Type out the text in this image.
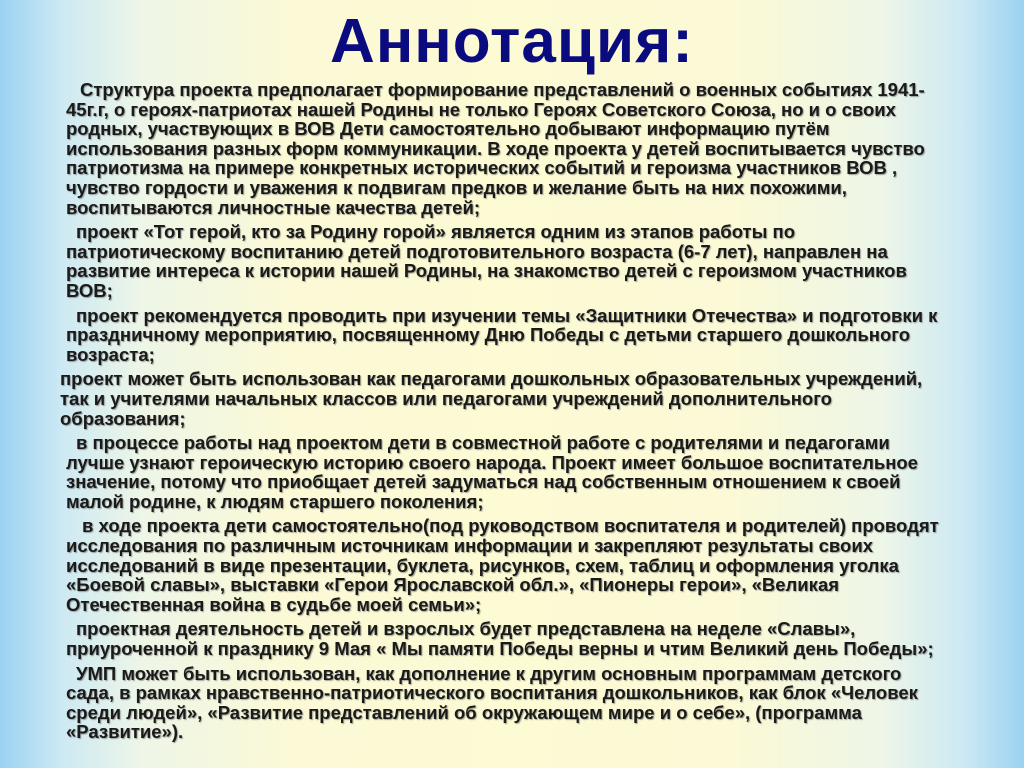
Аннотация:

Структура проекта предполагает формирование представлений о военных событиях 1941-45г.г, о героях-патриотах нашей Родины не только Героях Советского Союза, но и о своих родных, участвующих в ВОВ Дети самостоятельно добывают информацию путём использования разных форм коммуникации. В ходе проекта у детей воспитывается чувство патриотизма на примере конкретных исторических событий и героизма участников ВОВ , чувство гордости и уважения к подвигам предков и желание быть на них похожими, воспитываются личностные качества детей;

проект «Тот герой, кто за Родину горой» является одним из этапов работы по патриотическому воспитанию детей подготовительного возраста (6-7 лет), направлен на развитие интереса к истории нашей Родины, на знакомство детей с героизмом участников ВОВ;

проект рекомендуется проводить при изучении темы «Защитники Отечества» и подготовки к праздничному мероприятию, посвященному Дню Победы с детьми старшего дошкольного возраста;

проект может быть использован как педагогами дошкольных образовательных учреждений, так и учителями начальных классов или педагогами учреждений дополнительного образования;

в процессе работы над проектом дети в совместной работе с родителями и педагогами лучше узнают героическую историю своего народа. Проект имеет большое воспитательное значение, потому что приобщает детей задуматься над собственным отношением к своей малой родине, к людям старшего поколения;

в ходе проекта дети самостоятельно(под руководством воспитателя и родителей) проводят исследования по различным источникам информации и закрепляют результаты своих исследований в виде презентации, буклета, рисунков, схем, таблиц и оформления уголка «Боевой славы», выставки «Герои Ярославской обл.», «Пионеры герои», «Великая Отечественная война в судьбе моей семьи»;

проектная деятельность детей и взрослых будет представлена на неделе «Славы», приуроченной к празднику 9 Мая « Мы памяти Победы верны и чтим Великий день Победы»;

УМП может быть использован, как дополнение к другим основным программам детского сада, в рамках нравственно-патриотического воспитания дошкольников, как блок «Человек среди людей», «Развитие представлений об окружающем мире и о себе», (программа «Развитие»).
